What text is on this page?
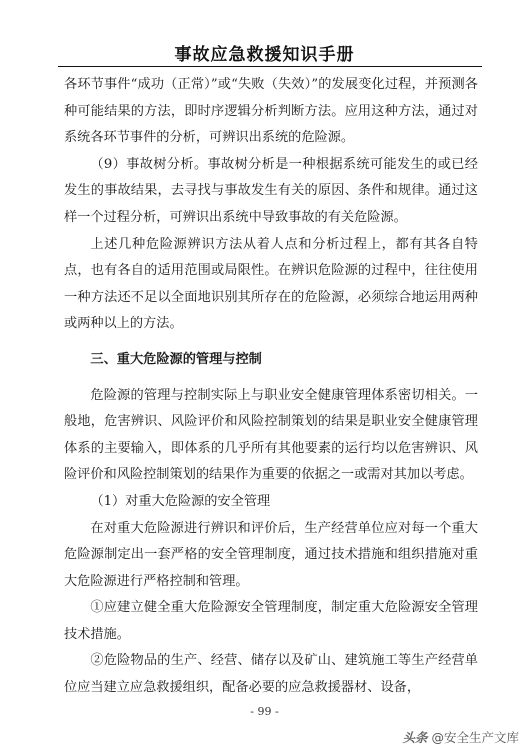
事故应急救援知识手册

各环节事件“成功（正常）”或“失败（失效）”的发展变化过程，并预测各种可能结果的方法，即时序逻辑分析判断方法。应用这种方法，通过对系统各环节事件的分析，可辨识出系统的危险源。

（9）事故树分析。事故树分析是一种根据系统可能发生的或已经发生的事故结果，去寻找与事故发生有关的原因、条件和规律。通过这样一个过程分析，可辨识出系统中导致事故的有关危险源。

上述几种危险源辨识方法从着人点和分析过程上，都有其各自特点，也有各自的适用范围或局限性。在辨识危险源的过程中，往往使用一种方法还不足以全面地识别其所存在的危险源，必须综合地运用两种或两种以上的方法。

三、重大危险源的管理与控制

危险源的管理与控制实际上与职业安全健康管理体系密切相关。一般地，危害辨识、风险评价和风险控制策划的结果是职业安全健康管理体系的主要输入，即体系的几乎所有其他要素的运行均以危害辨识、风险评价和风险控制策划的结果作为重要的依据之一或需对其加以考虑。

（1）对重大危险源的安全管理

在对重大危险源进行辨识和评价后，生产经营单位应对每一个重大危险源制定出一套严格的安全管理制度，通过技术措施和组织措施对重大危险源进行严格控制和管理。

①应建立健全重大危险源安全管理制度，制定重大危险源安全管理技术措施。

②危险物品的生产、经营、储存以及矿山、建筑施工等生产经营单位应当建立应急救援组织，配备必要的应急救援器材、设备，

- 99 -
头条 @安全生产文库
